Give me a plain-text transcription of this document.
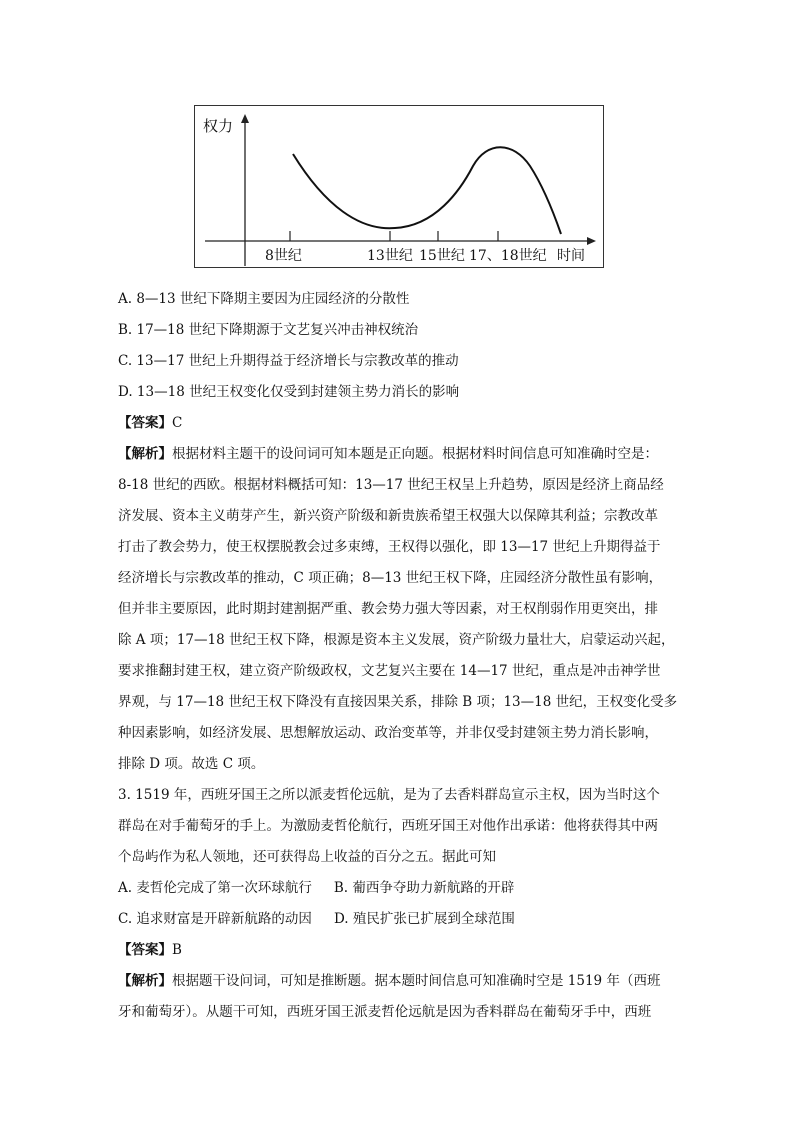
权力
8世纪	13世纪 15世纪 17、18世纪 时间
A. 8—13 世纪下降期主要因为庄园经济的分散性
B. 17—18 世纪下降期源于文艺复兴冲击神权统治
C. 13—17 世纪上升期得益于经济增长与宗教改革的推动
D. 13—18 世纪王权变化仅受到封建领主势力消长的影响
【答案】C
【解析】根据材料主题干的设问词可知本题是正向题。根据材料时间信息可知准确时空是：
8-18 世纪的西欧。根据材料概括可知：13—17 世纪王权呈上升趋势，原因是经济上商品经
济发展、资本主义萌芽产生，新兴资产阶级和新贵族希望王权强大以保障其利益；宗教改革
打击了教会势力，使王权摆脱教会过多束缚，王权得以强化，即 13—17 世纪上升期得益于
经济增长与宗教改革的推动，C 项正确；8—13 世纪王权下降，庄园经济分散性虽有影响，
但并非主要原因，此时期封建割据严重、教会势力强大等因素，对王权削弱作用更突出，排
除 A 项；17—18 世纪王权下降，根源是资本主义发展，资产阶级力量壮大，启蒙运动兴起，
要求推翻封建王权，建立资产阶级政权，文艺复兴主要在 14—17 世纪，重点是冲击神学世
界观，与 17—18 世纪王权下降没有直接因果关系，排除 B 项；13—18 世纪，王权变化受多
种因素影响，如经济发展、思想解放运动、政治变革等，并非仅受封建领主势力消长影响，
排除 D 项。故选 C 项。
3. 1519 年，西班牙国王之所以派麦哲伦远航，是为了去香料群岛宣示主权，因为当时这个
群岛在对手葡萄牙的手上。为激励麦哲伦航行，西班牙国王对他作出承诺：他将获得其中两
个岛屿作为私人领地，还可获得岛上收益的百分之五。据此可知
A. 麦哲伦完成了第一次环球航行 B. 葡西争夺助力新航路的开辟
C. 追求财富是开辟新航路的动因 D. 殖民扩张已扩展到全球范围
【答案】B
【解析】根据题干设问词，可知是推断题。据本题时间信息可知准确时空是 1519 年（西班
牙和葡萄牙）。从题干可知，西班牙国王派麦哲伦远航是因为香料群岛在葡萄牙手中，西班
